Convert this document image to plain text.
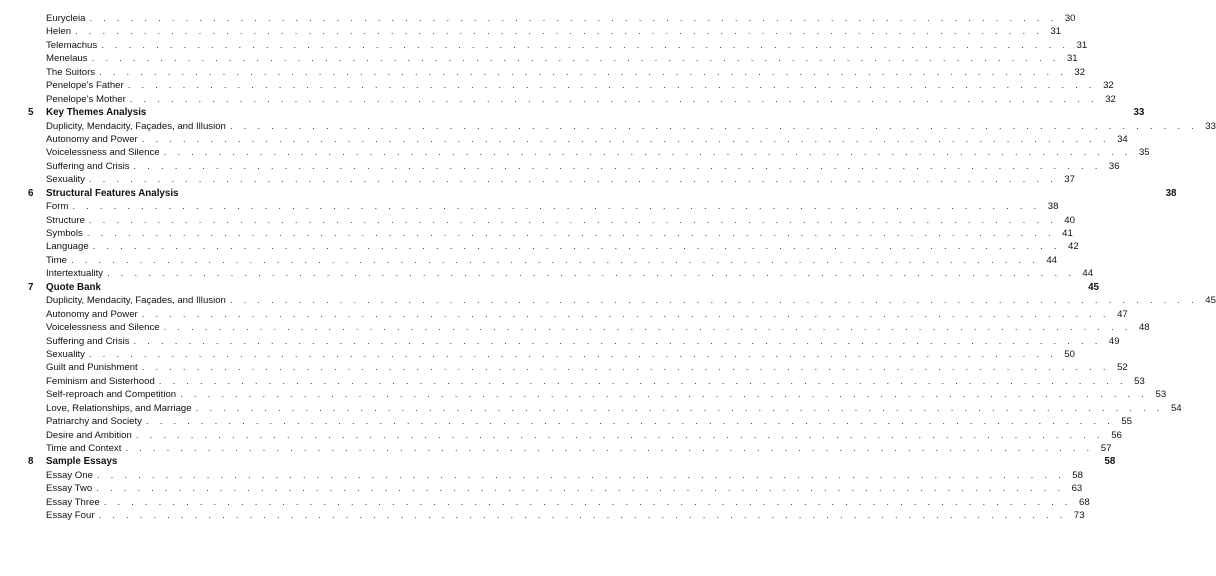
Eurycleia . . . . . . . . . . . . . . . . . . . . . . . . . . . . . . . . . . . . . . . . . . . . . . . . . . . . . . . . . . . . . . . . . . . . . . . 30
Helen . . . . . . . . . . . . . . . . . . . . . . . . . . . . . . . . . . . . . . . . . . . . . . . . . . . . . . . . . . . . . . . . . . . . . . . 31
Telemachus . . . . . . . . . . . . . . . . . . . . . . . . . . . . . . . . . . . . . . . . . . . . . . . . . . . . . . . . . . . . . . . . . . . . . . . 31
Menelaus . . . . . . . . . . . . . . . . . . . . . . . . . . . . . . . . . . . . . . . . . . . . . . . . . . . . . . . . . . . . . . . . . . . . . . . 31
The Suitors . . . . . . . . . . . . . . . . . . . . . . . . . . . . . . . . . . . . . . . . . . . . . . . . . . . . . . . . . . . . . . . . . . . . . . . 32
Penelope’s Father . . . . . . . . . . . . . . . . . . . . . . . . . . . . . . . . . . . . . . . . . . . . . . . . . . . . . . . . . . . . . . . . . . . . . . . 32
Penelope’s Mother . . . . . . . . . . . . . . . . . . . . . . . . . . . . . . . . . . . . . . . . . . . . . . . . . . . . . . . . . . . . . . . . . . . . . . . 32
5 Key Themes Analysis	33
Duplicity, Mendacity, Façades, and Illusion . . . . . . . . . . . . . . . . . . . . . . . . . . . . . . . . . . . . . . . . . . . . . . . . . . . . . . . . . . . . . . . . . . . . . . . 33
Autonomy and Power . . . . . . . . . . . . . . . . . . . . . . . . . . . . . . . . . . . . . . . . . . . . . . . . . . . . . . . . . . . . . . . . . . . . . . . 34
Voicelessness and Silence . . . . . . . . . . . . . . . . . . . . . . . . . . . . . . . . . . . . . . . . . . . . . . . . . . . . . . . . . . . . . . . . . . . . . . . 35
Suffering and Crisis . . . . . . . . . . . . . . . . . . . . . . . . . . . . . . . . . . . . . . . . . . . . . . . . . . . . . . . . . . . . . . . . . . . . . . . 36
Sexuality . . . . . . . . . . . . . . . . . . . . . . . . . . . . . . . . . . . . . . . . . . . . . . . . . . . . . . . . . . . . . . . . . . . . . . . 37
6 Structural Features Analysis	38
Form . . . . . . . . . . . . . . . . . . . . . . . . . . . . . . . . . . . . . . . . . . . . . . . . . . . . . . . . . . . . . . . . . . . . . . . 38
Structure . . . . . . . . . . . . . . . . . . . . . . . . . . . . . . . . . . . . . . . . . . . . . . . . . . . . . . . . . . . . . . . . . . . . . . . 40
Symbols . . . . . . . . . . . . . . . . . . . . . . . . . . . . . . . . . . . . . . . . . . . . . . . . . . . . . . . . . . . . . . . . . . . . . . . 41
Language . . . . . . . . . . . . . . . . . . . . . . . . . . . . . . . . . . . . . . . . . . . . . . . . . . . . . . . . . . . . . . . . . . . . . . . 42
Time . . . . . . . . . . . . . . . . . . . . . . . . . . . . . . . . . . . . . . . . . . . . . . . . . . . . . . . . . . . . . . . . . . . . . . . 44
Intertextuality . . . . . . . . . . . . . . . . . . . . . . . . . . . . . . . . . . . . . . . . . . . . . . . . . . . . . . . . . . . . . . . . . . . . . . . 44
7 Quote Bank	45
Duplicity, Mendacity, Façades, and Illusion . . . . . . . . . . . . . . . . . . . . . . . . . . . . . . . . . . . . . . . . . . . . . . . . . . . . . . . . . . . . . . . . . . . . . . . 45
Autonomy and Power . . . . . . . . . . . . . . . . . . . . . . . . . . . . . . . . . . . . . . . . . . . . . . . . . . . . . . . . . . . . . . . . . . . . . . . 47
Voicelessness and Silence . . . . . . . . . . . . . . . . . . . . . . . . . . . . . . . . . . . . . . . . . . . . . . . . . . . . . . . . . . . . . . . . . . . . . . . 48
Suffering and Crisis . . . . . . . . . . . . . . . . . . . . . . . . . . . . . . . . . . . . . . . . . . . . . . . . . . . . . . . . . . . . . . . . . . . . . . . 49
Sexuality . . . . . . . . . . . . . . . . . . . . . . . . . . . . . . . . . . . . . . . . . . . . . . . . . . . . . . . . . . . . . . . . . . . . . . . 50
Guilt and Punishment . . . . . . . . . . . . . . . . . . . . . . . . . . . . . . . . . . . . . . . . . . . . . . . . . . . . . . . . . . . . . . . . . . . . . . . 52
Feminism and Sisterhood . . . . . . . . . . . . . . . . . . . . . . . . . . . . . . . . . . . . . . . . . . . . . . . . . . . . . . . . . . . . . . . . . . . . . . . 53
Self-reproach and Competition . . . . . . . . . . . . . . . . . . . . . . . . . . . . . . . . . . . . . . . . . . . . . . . . . . . . . . . . . . . . . . . . . . . . . . . 53
Love, Relationships, and Marriage . . . . . . . . . . . . . . . . . . . . . . . . . . . . . . . . . . . . . . . . . . . . . . . . . . . . . . . . . . . . . . . . . . . . . . . 54
Patriarchy and Society . . . . . . . . . . . . . . . . . . . . . . . . . . . . . . . . . . . . . . . . . . . . . . . . . . . . . . . . . . . . . . . . . . . . . . . 55
Desire and Ambition . . . . . . . . . . . . . . . . . . . . . . . . . . . . . . . . . . . . . . . . . . . . . . . . . . . . . . . . . . . . . . . . . . . . . . . 56
Time and Context . . . . . . . . . . . . . . . . . . . . . . . . . . . . . . . . . . . . . . . . . . . . . . . . . . . . . . . . . . . . . . . . . . . . . . . 57
8 Sample Essays	58
Essay One . . . . . . . . . . . . . . . . . . . . . . . . . . . . . . . . . . . . . . . . . . . . . . . . . . . . . . . . . . . . . . . . . . . . . . . 58
Essay Two . . . . . . . . . . . . . . . . . . . . . . . . . . . . . . . . . . . . . . . . . . . . . . . . . . . . . . . . . . . . . . . . . . . . . . . 63
Essay Three . . . . . . . . . . . . . . . . . . . . . . . . . . . . . . . . . . . . . . . . . . . . . . . . . . . . . . . . . . . . . . . . . . . . . . . 68
Essay Four . . . . . . . . . . . . . . . . . . . . . . . . . . . . . . . . . . . . . . . . . . . . . . . . . . . . . . . . . . . . . . . . . . . . . . . 73
